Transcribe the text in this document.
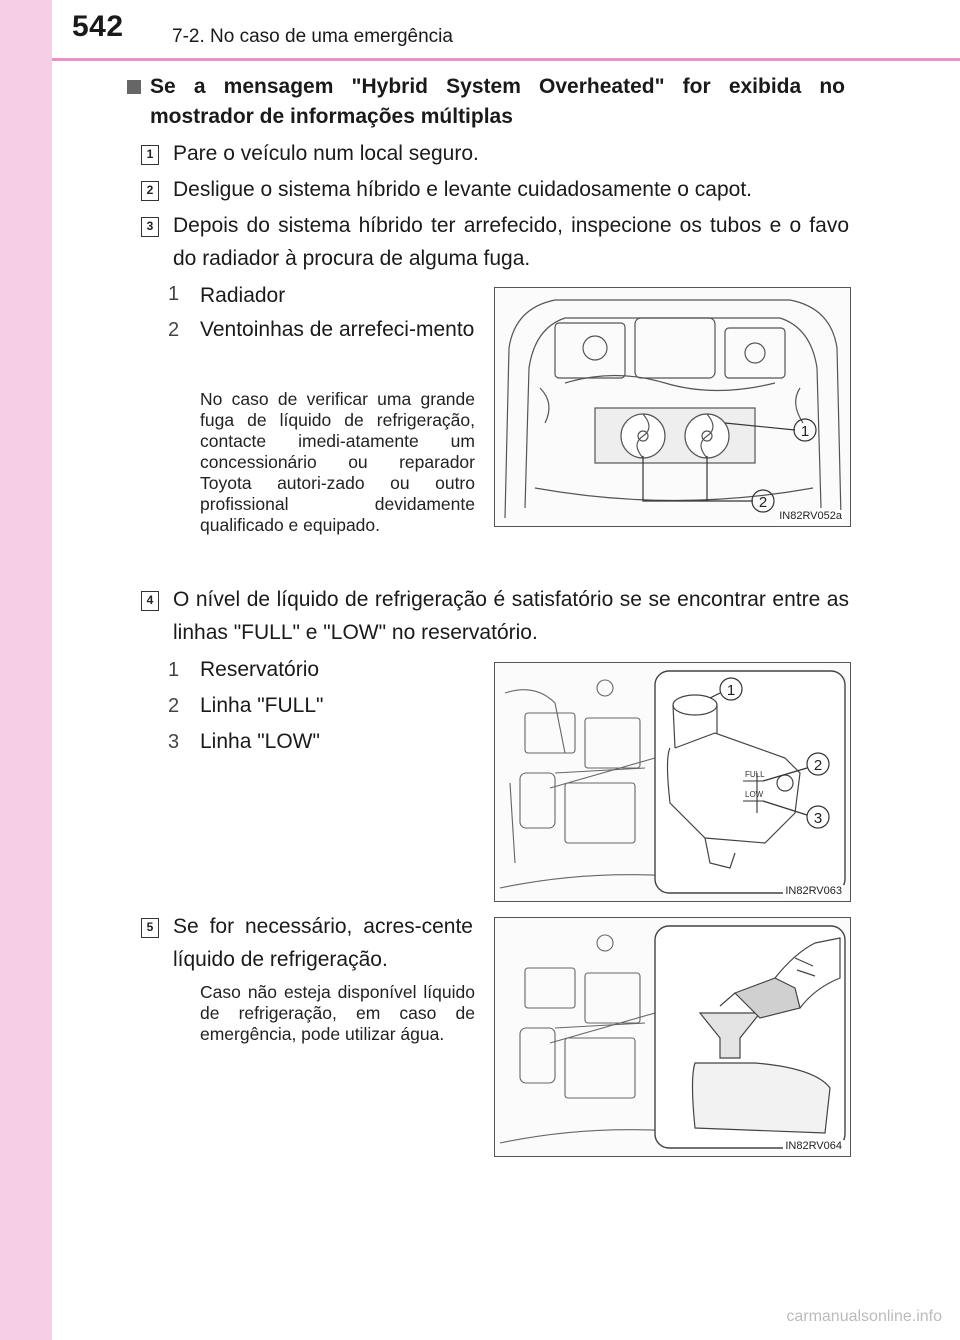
542	7-2. No caso de uma emergência
Se a mensagem "Hybrid System Overheated" for exibida no mostrador de informações múltiplas
1 Pare o veículo num local seguro.
2 Desligue o sistema híbrido e levante cuidadosamente o capot.
3 Depois do sistema híbrido ter arrefecido, inspecione os tubos e o favo do radiador à procura de alguma fuga.
1 Radiador
2 Ventoinhas de arrefeci-mento
No caso de verificar uma grande fuga de líquido de refrigeração, contacte imedi-atamente um concessionário ou reparador Toyota autori-zado ou outro profissional devidamente qualificado e equipado.
1
2
IN82RV052a
4 O nível de líquido de refrigeração é satisfatório se se encontrar entre as linhas "FULL" e "LOW" no reservatório.
1 Reservatório
2 Linha "FULL"
3 Linha "LOW"
FULL
LOW
1
2
3
IN82RV063
5 Se for necessário, acres-cente líquido de refrigeração.
Caso não esteja disponível líquido de refrigeração, em caso de emergência, pode utilizar água.
IN82RV064
carmanualsonline.info
